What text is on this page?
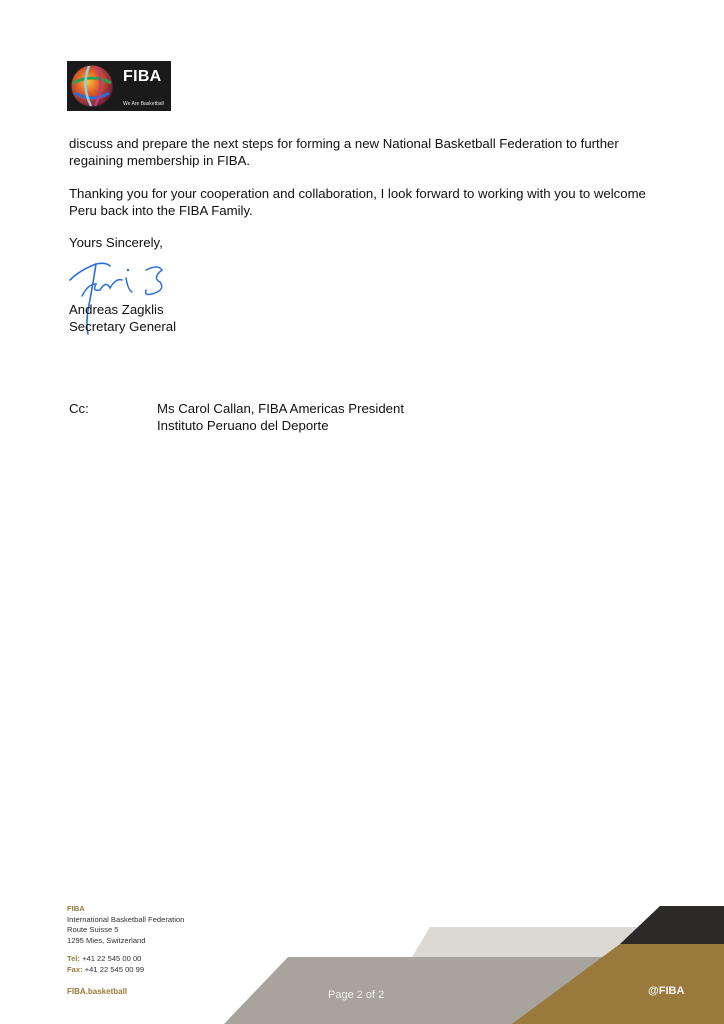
FIBA
We Are Basketball
discuss and prepare the next steps for forming a new National Basketball Federation to further regaining membership in FIBA.
Thanking you for your cooperation and collaboration, I look forward to working with you to welcome Peru back into the FIBA Family.
Yours Sincerely,
Andreas Zagklis
Secretary General
Cc:	Ms Carol Callan, FIBA Americas President
Instituto Peruano del Deporte
FIBA
International Basketball Federation
Route Suisse 5
1295 Mies, Switzerland
Tel: +41 22 545 00 00
Fax: +41 22 545 00 99
FIBA.basketball	Page 2 of 2	@FIBA
